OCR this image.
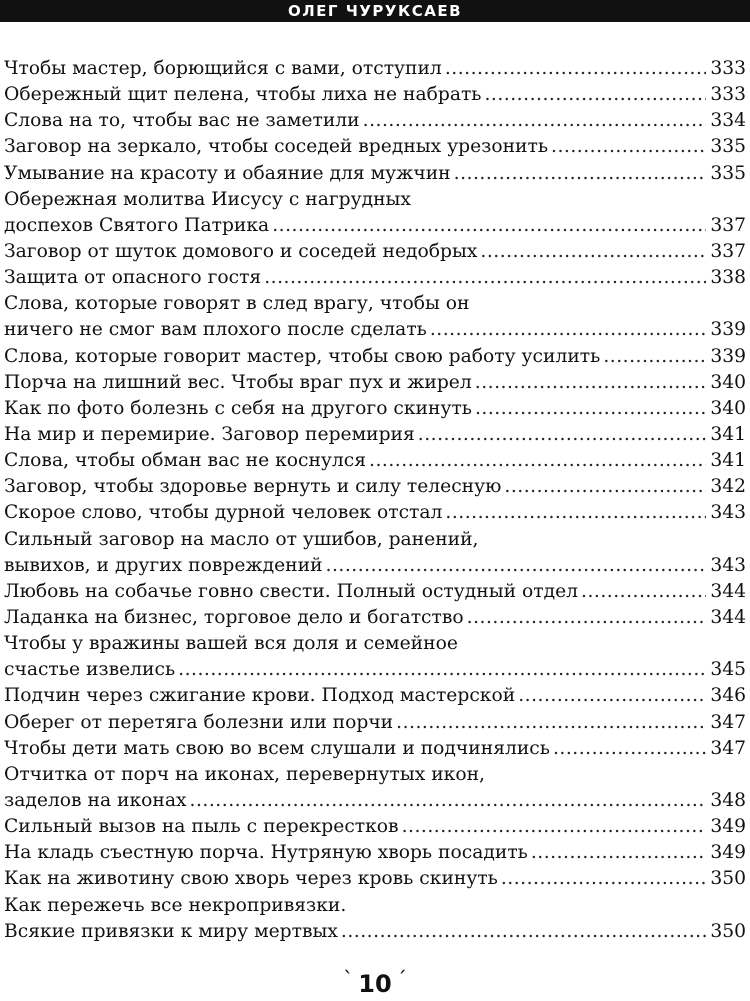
ОЛЕГ ЧУРУКСАЕВ
Чтобы мастер, борющийся с вами, отступил .....	333
Обережный щит пелена, чтобы лиха не набрать .....	333
Слова на то, чтобы вас не заметили .....	334
Заговор на зеркало, чтобы соседей вредных урезонить .....	335
Умывание на красоту и обаяние для мужчин .....	335
Обережная молитва Иисусу с нагрудных
доспехов Святого Патрика .....	337
Заговор от шуток домового и соседей недобрых .....	337
Защита от опасного гостя .....	338
Слова, которые говорят в след врагу, чтобы он
ничего не смог вам плохого после сделать .....	339
Слова, которые говорит мастер, чтобы свою работу усилить .....	339
Порча на лишний вес. Чтобы враг пух и жирел .....	340
Как по фото болезнь с себя на другого скинуть .....	340
На мир и перемирие. Заговор перемирия .....	341
Слова, чтобы обман вас не коснулся .....	341
Заговор, чтобы здоровье вернуть и силу телесную .....	342
Скорое слово, чтобы дурной человек отстал .....	343
Сильный заговор на масло от ушибов, ранений,
вывихов, и других повреждений .....	343
Любовь на собачье говно свести. Полный остудный отдел .....	344
Ладанка на бизнес, торговое дело и богатство .....	344
Чтобы у вражины вашей вся доля и семейное
счастье извелись .....	345
Подчин через сжигание крови. Подход мастерской .....	346
Оберег от перетяга болезни или порчи .....	347
Чтобы дети мать свою во всем слушали и подчинялись .....	347
Отчитка от порч на иконах, перевернутых икон,
заделов на иконах .....	348
Сильный вызов на пыль с перекрестков .....	349
На кладь съестную порча. Нутряную хворь посадить .....	349
Как на животину свою хворь через кровь скинуть .....	350
Как пережечь все некропривязки.
Всякие привязки к миру мертвых .....	350
` 10 ´
